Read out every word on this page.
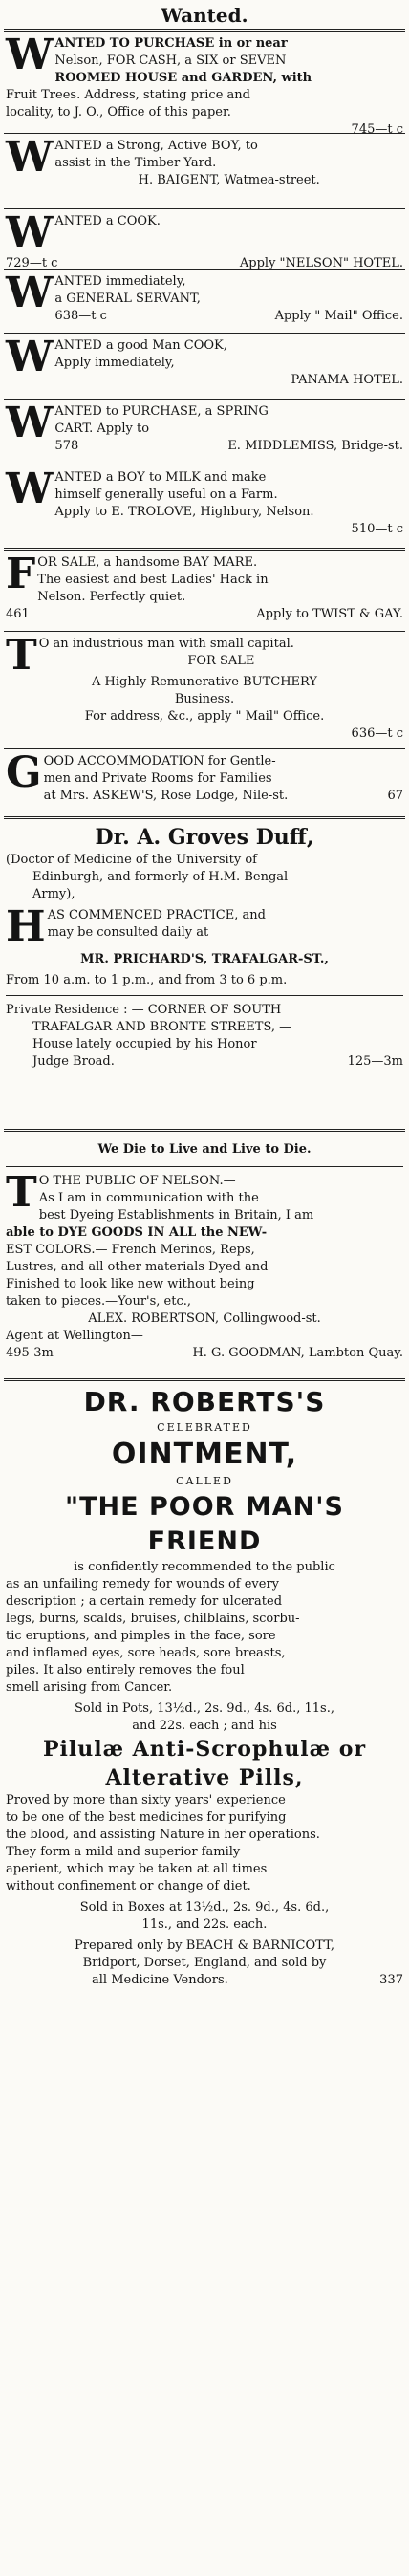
Wanted.
W ANTED TO PURCHASE in or near
Nelson, FOR CASH, a SIX or SEVEN
ROOMED HOUSE and GARDEN, with
Fruit Trees. Address, stating price and
locality, to J. O., Office of this paper.
745—t c
W ANTED a Strong, Active BOY, to
assist in the Timber Yard.
H. BAIGENT, Watmea-street.
W ANTED a COOK.
729—t c	Apply "NELSON" HOTEL.
W ANTED immediately,
a GENERAL SERVANT,
638—t c	Apply " Mail" Office.
W ANTED a good Man COOK,
Apply immediately,
PANAMA HOTEL.
W ANTED to PURCHASE, a SPRING
CART. Apply to
578	E. MIDDLEMISS, Bridge-st.
W ANTED a BOY to MILK and make
himself generally useful on a Farm.
Apply to E. TROLOVE, Highbury, Nelson.
510—t c
F OR SALE, a handsome BAY MARE.
The easiest and best Ladies' Hack in
Nelson. Perfectly quiet.
461	Apply to TWIST & GAY.
T O an industrious man with small capital.
FOR SALE
A Highly Remunerative BUTCHERY
Business.
For address, &c., apply " Mail" Office.
636—t c
G OOD ACCOMMODATION for Gentle-
men and Private Rooms for Families
at Mrs. ASKEW'S, Rose Lodge, Nile-st.	67
Dr. A. Groves Duff,
(Doctor of Medicine of the University of
Edinburgh, and formerly of H.M. Bengal
Army),
H AS COMMENCED PRACTICE, and
may be consulted daily at
MR. PRICHARD'S, TRAFALGAR-ST.,
From 10 a.m. to 1 p.m., and from 3 to 6 p.m.
Private Residence : — CORNER OF SOUTH
TRAFALGAR AND BRONTE STREETS, —
House lately occupied by his Honor
Judge Broad.	125—3m
We Die to Live and Live to Die.
T O THE PUBLIC OF NELSON.—
As I am in communication with the
best Dyeing Establishments in Britain, I am
able to DYE GOODS IN ALL the NEW-
EST COLORS.— French Merinos, Reps,
Lustres, and all other materials Dyed and
Finished to look like new without being
taken to pieces.—Your's, etc.,
ALEX. ROBERTSON, Collingwood-st.
Agent at Wellington—
495-3m	H. G. GOODMAN, Lambton Quay.
DR. ROBERTS'S
CELEBRATED
OINTMENT,
CALLED
"THE POOR MAN'S FRIEND
is confidently recommended to the public
as an unfailing remedy for wounds of every
description ; a certain remedy for ulcerated
legs, burns, scalds, bruises, chilblains, scorbu-
tic eruptions, and pimples in the face, sore
and inflamed eyes, sore heads, sore breasts,
piles. It also entirely removes the foul
smell arising from Cancer.
Sold in Pots, 13½d., 2s. 9d., 4s. 6d., 11s.,
and 22s. each ; and his
Pilulæ Anti-Scrophulæ or
Alterative Pills,
Proved by more than sixty years' experience
to be one of the best medicines for purifying
the blood, and assisting Nature in her operations.
They form a mild and superior family
aperient, which may be taken at all times
without confinement or change of diet.
Sold in Boxes at 13½d., 2s. 9d., 4s. 6d.,
11s., and 22s. each.
Prepared only by BEACH & BARNICOTT,
Bridport, Dorset, England, and sold by
all Medicine Vendors.	337
